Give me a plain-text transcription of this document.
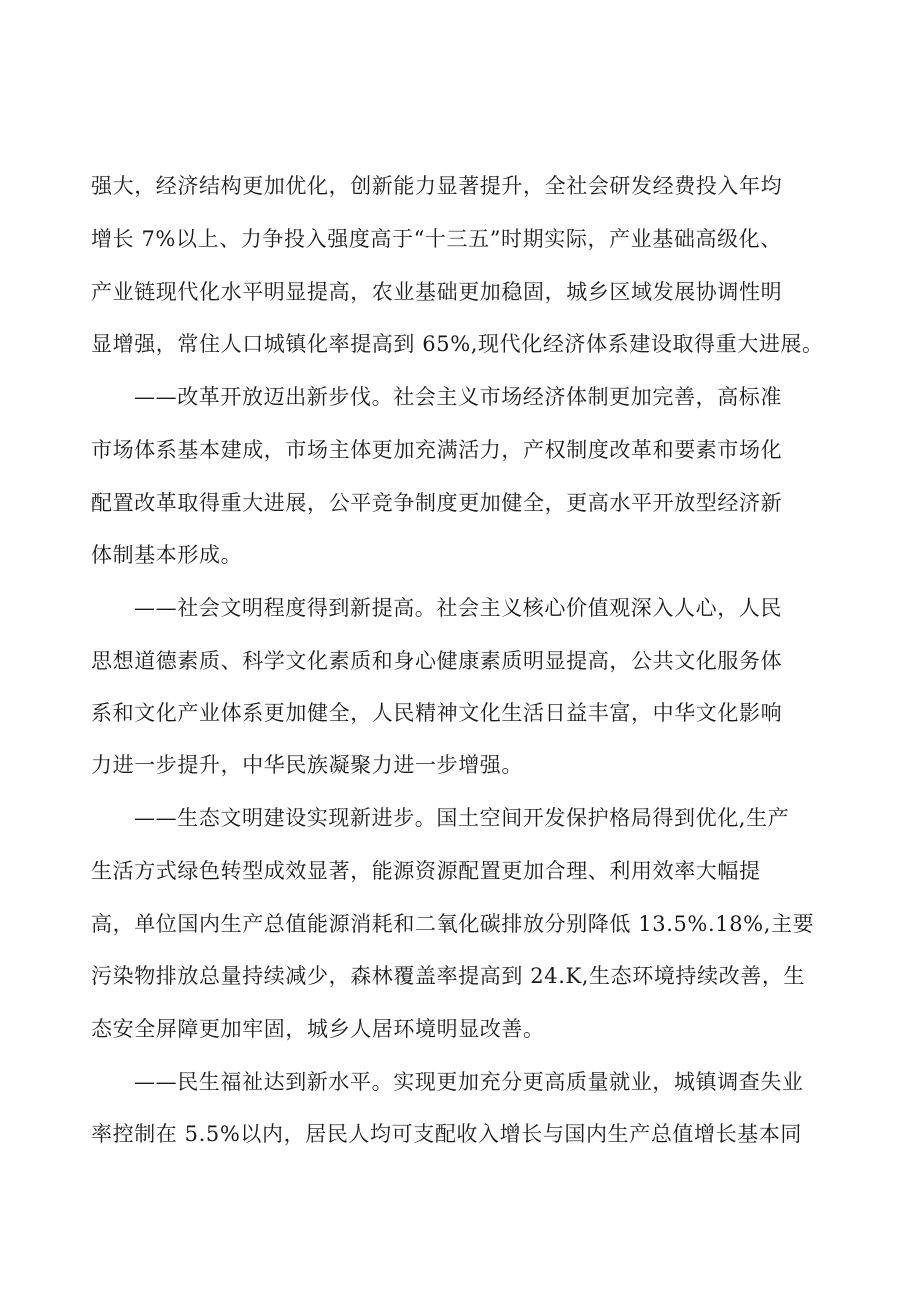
强大，经济结构更加优化，创新能力显著提升，全社会研发经费投入年均

增长 7%以上、力争投入强度高于“十三五”时期实际，产业基础高级化、

产业链现代化水平明显提高，农业基础更加稳固，城乡区域发展协调性明

显增强，常住人口城镇化率提高到 65%,现代化经济体系建设取得重大进展。

——改革开放迈出新步伐。社会主义市场经济体制更加完善，高标准

市场体系基本建成，市场主体更加充满活力，产权制度改革和要素市场化

配置改革取得重大进展，公平竞争制度更加健全，更高水平开放型经济新

体制基本形成。

——社会文明程度得到新提高。社会主义核心价值观深入人心，人民

思想道德素质、科学文化素质和身心健康素质明显提高，公共文化服务体

系和文化产业体系更加健全，人民精神文化生活日益丰富，中华文化影响

力进一步提升，中华民族凝聚力进一步增强。

——生态文明建设实现新进步。国土空间开发保护格局得到优化,生产

生活方式绿色转型成效显著，能源资源配置更加合理、利用效率大幅提

高，单位国内生产总值能源消耗和二氧化碳排放分别降低 13.5%.18%,主要

污染物排放总量持续减少，森林覆盖率提高到 24.K,生态环境持续改善，生

态安全屏障更加牢固，城乡人居环境明显改善。

——民生福祉达到新水平。实现更加充分更高质量就业，城镇调查失业

率控制在 5.5%以内，居民人均可支配收入增长与国内生产总值增长基本同
